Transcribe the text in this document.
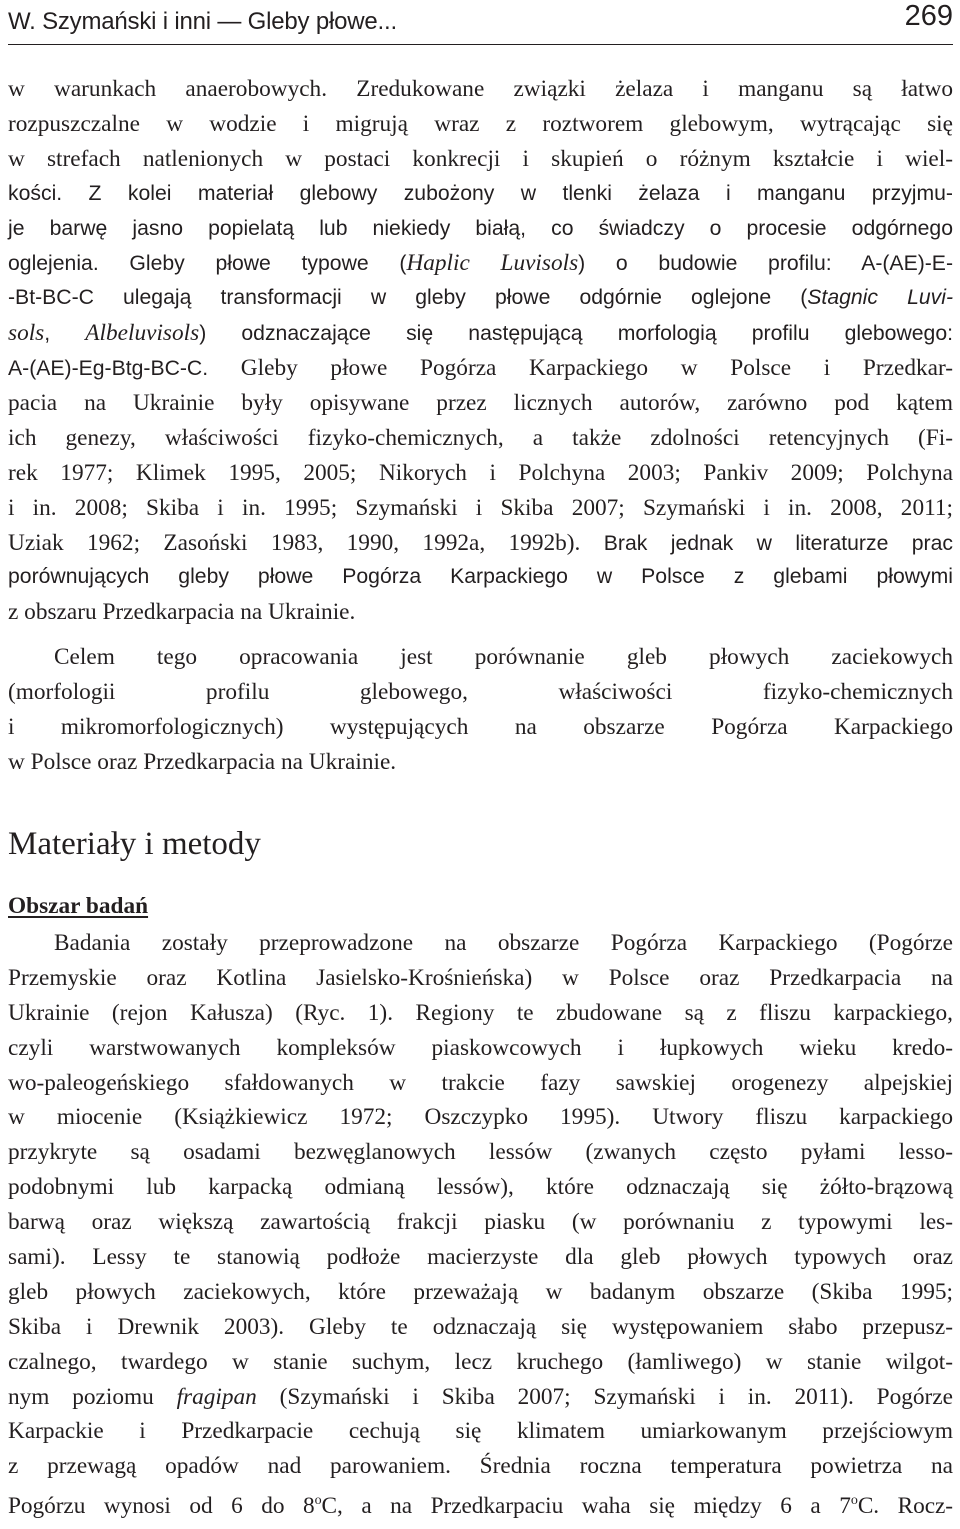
W. Szymański i inni — Gleby płowe...	269
w warunkach anaerobowych. Zredukowane związki żelaza i manganu są łatwo
rozpuszczalne w wodzie i migrują wraz z roztworem glebowym, wytrącając się
w strefach natlenionych w postaci konkrecji i skupień o różnym kształcie i wiel-
kości. Z kolei materiał glebowy zubożony w tlenki żelaza i manganu przyjmu-
je barwę jasno popielatą lub niekiedy białą, co świadczy o procesie odgórnego
oglejenia. Gleby płowe typowe (Haplic Luvisols) o budowie profilu: A-(AE)-E-
-Bt-BC-C ulegają transformacji w gleby płowe odgórnie oglejone (Stagnic Luvi-
sols, Albeluvisols) odznaczające się następującą morfologią profilu glebowego:
A-(AE)-Eg-Btg-BC-C. Gleby płowe Pogórza Karpackiego w Polsce i Przedkar-
pacia na Ukrainie były opisywane przez licznych autorów, zarówno pod kątem
ich genezy, właściwości fizyko-chemicznych, a także zdolności retencyjnych (Fi-
rek 1977; Klimek 1995, 2005; Nikorych i Polchyna 2003; Pankiv 2009; Polchyna
i in. 2008; Skiba i in. 1995; Szymański i Skiba 2007; Szymański i in. 2008, 2011;
Uziak 1962; Zasoński 1983, 1990, 1992a, 1992b). Brak jednak w literaturze prac
porównujących gleby płowe Pogórza Karpackiego w Polsce z glebami płowymi
z obszaru Przedkarpacia na Ukrainie.
Celem tego opracowania jest porównanie gleb płowych zaciekowych
(morfologii profilu glebowego, właściwości fizyko-chemicznych
i mikromorfologicznych) występujących na obszarze Pogórza Karpackiego
w Polsce oraz Przedkarpacia na Ukrainie.
Materiały i metody
Obszar badań
Badania zostały przeprowadzone na obszarze Pogórza Karpackiego (Pogórze
Przemyskie oraz Kotlina Jasielsko-Krośnieńska) w Polsce oraz Przedkarpacia na
Ukrainie (rejon Kałusza) (Ryc. 1). Regiony te zbudowane są z fliszu karpackiego,
czyli warstwowanych kompleksów piaskowcowych i łupkowych wieku kredo-
wo-paleogeńskiego sfałdowanych w trakcie fazy sawskiej orogenezy alpejskiej
w miocenie (Książkiewicz 1972; Oszczypko 1995). Utwory fliszu karpackiego
przykryte są osadami bezwęglanowych lessów (zwanych często pyłami lesso-
podobnymi lub karpacką odmianą lessów), które odznaczają się żółto-brązową
barwą oraz większą zawartością frakcji piasku (w porównaniu z typowymi les-
sami). Lessy te stanowią podłoże macierzyste dla gleb płowych typowych oraz
gleb płowych zaciekowych, które przeważają w badanym obszarze (Skiba 1995;
Skiba i Drewnik 2003). Gleby te odznaczają się występowaniem słabo przepusz-
czalnego, twardego w stanie suchym, lecz kruchego (łamliwego) w stanie wilgot-
nym poziomu fragipan (Szymański i Skiba 2007; Szymański i in. 2011). Pogórze
Karpackie i Przedkarpacie cechują się klimatem umiarkowanym przejściowym
z przewagą opadów nad parowaniem. Średnia roczna temperatura powietrza na
Pogórzu wynosi od 6 do 8$^o$C, a na Przedkarpaciu waha się między 6 a 7$^o$C. Rocz-
